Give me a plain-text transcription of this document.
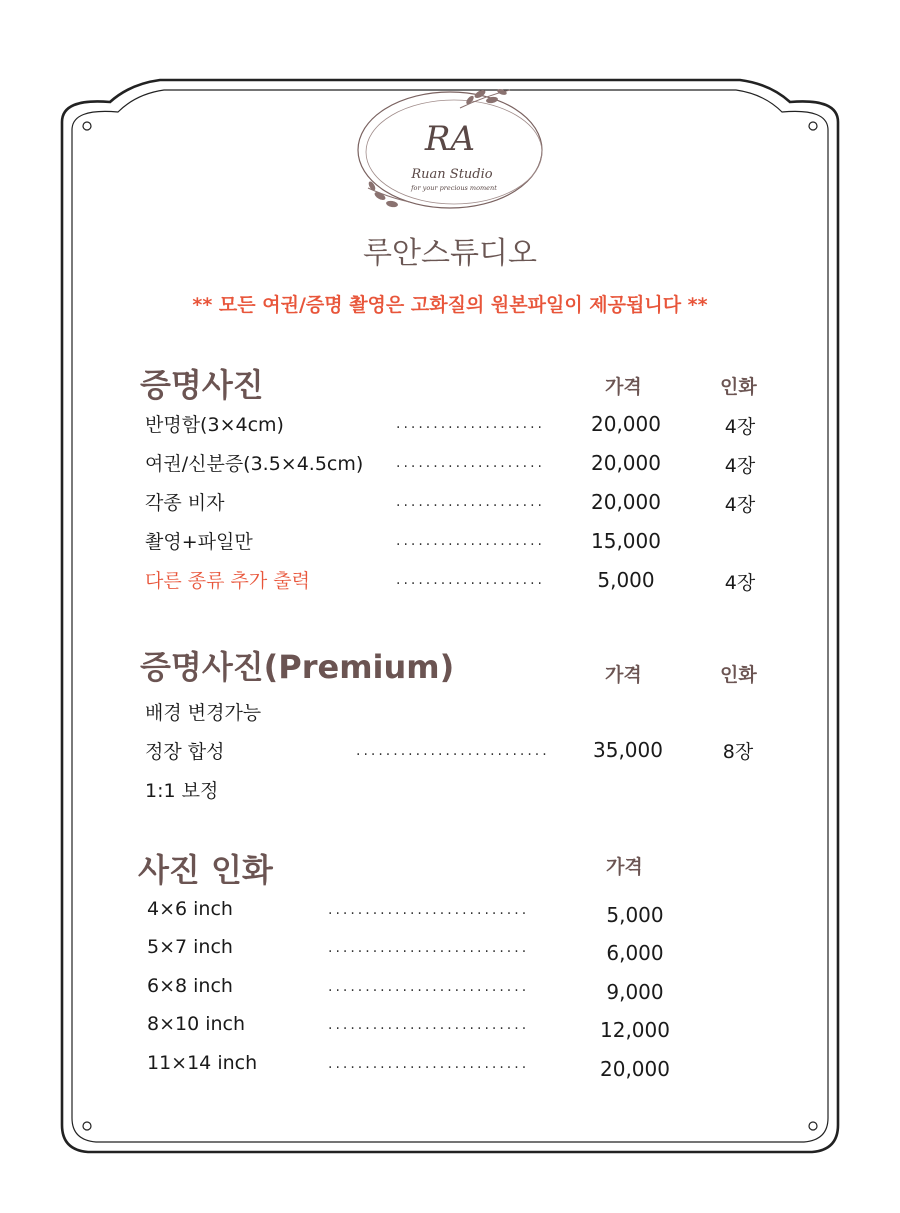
RA
Ruan Studio
for your precious moment
루안스튜디오
** 모든 여권/증명 촬영은 고화질의 원본파일이 제공됩니다 **
증명사진	가격	인화
반명함(3×4cm)	....................	20,000	4장
여권/신분증(3.5×4.5cm) ....................	20,000	4장
각종 비자	....................	20,000	4장
촬영+파일만	....................	15,000
다른 종류 추가 출력	....................	5,000	4장
증명사진(Premium)	가격	인화
배경 변경가능
정장 합성	..........................	35,000	8장
1:1 보정
사진 인화	가격
4×6 inch	...........................	5,000
5×7 inch	...........................	6,000
6×8 inch	...........................	9,000
8×10 inch	...........................	12,000
11×14 inch	...........................	20,000
